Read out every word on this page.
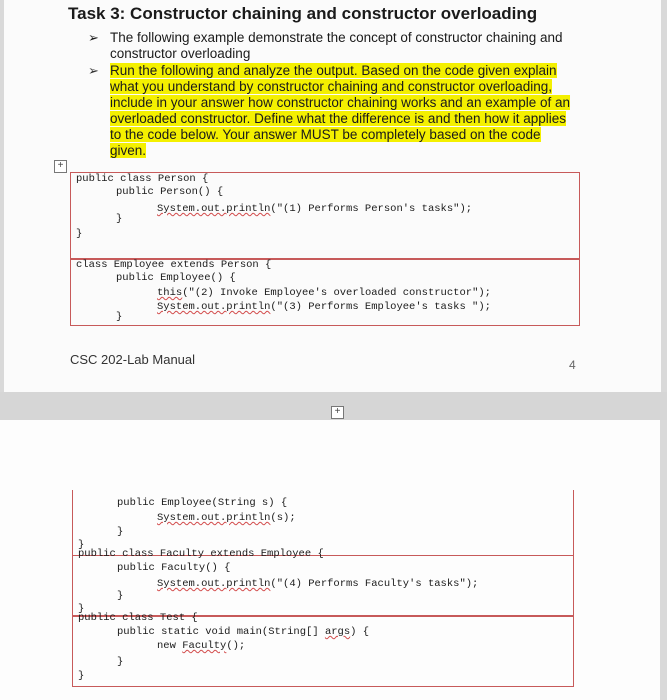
Task 3: Constructor chaining and constructor overloading
➢ The following example demonstrate the concept of constructor chaining and constructor overloading
➢ Run the following and analyze the output. Based on the code given explain
what you understand by constructor chaining and constructor overloading,
include in your answer how constructor chaining works and an example of an
overloaded constructor. Define what the difference is and then how it applies
to the code below. Your answer MUST be completely based on the code
given.
+
public class Person {
public Person() {
System.out.println("(1) Performs Person's tasks");
}
}
class Employee extends Person {
public Employee() {
this("(2) Invoke Employee's overloaded constructor");
System.out.println("(3) Performs Employee's tasks ");
}
CSC 202-Lab Manual	4
+
public Employee(String s) {
System.out.println(s);
}
}
public class Faculty extends Employee {
public Faculty() {
System.out.println("(4) Performs Faculty's tasks");
}
}
public class Test {
public static void main(String[] args) {
new Faculty();
}
}
